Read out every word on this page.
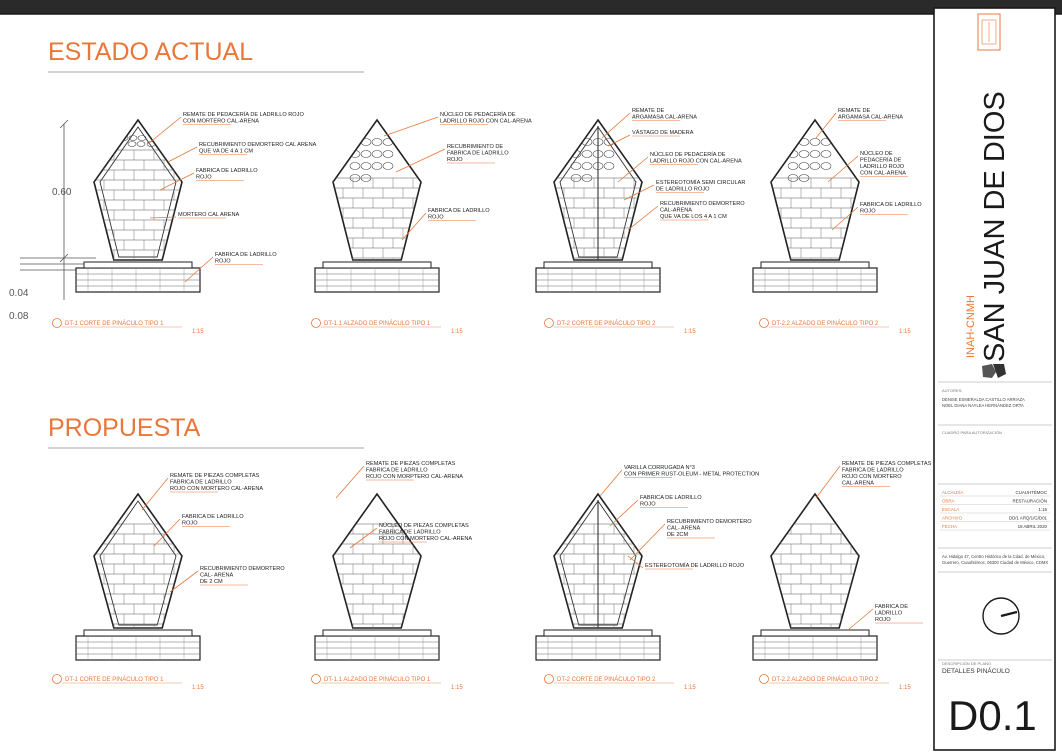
ESTADO ACTUAL
PROPUESTA
0.60
0.04
0.08
REMATE DE PEDACERÍA DE LADRILLO ROJO
CON MORTERO CAL-ARENA
RECUBRIMIENTO DEMORTERO CAL ARENA
QUE VA DE 4 A 1 CM
FABRICA DE LADRILLO
ROJO
MORTERO CAL ARENA
FABRICA DE LADRILLO
ROJO
NÚCLEO DE PEDACERÍA DE
LADRILLO ROJO CON CAL-ARENA
RECUBRIMIENTO DE
FABRICA DE LADRILLO
ROJO
FABRICA DE LADRILLO
ROJO
REMATE DE
ARGAMASA CAL-ARENA
VÁSTAGO DE MADERA
NÚCLEO DE PEDACERÍA DE
LADRILLO ROJO CON CAL-ARENA
ESTEREOTOMÍA SEMI CIRCULAR
DE LADRILLO ROJO
RECUBRIMIENTO DEMORTERO
CAL-ARENA
QUE VA DE LOS 4 A 1 CM
REMATE DE
ARGAMASA CAL-ARENA
NÚCLEO DE
PEDACERÍA DE
LADRILLO ROJO
CON CAL-ARENA
FABRICA DE LADRILLO
ROJO
REMATE DE PIEZAS COMPLETAS
FABRICA DE LADRILLO
ROJO CON MORTERO CAL-ARENA
FABRICA DE LADRILLO
ROJO
RECUBRIMIENTO DEMORTERO
CAL- ARENA
DE 2 CM
REMATE DE PIEZAS COMPLETAS
FABRICA DE LADRILLO
ROJO CON MORPTERO CAL-ARENA
NÚCLEO DE PIEZAS COMPLETAS
FABRICA DE LADRILLO
ROJO CON MORTERO CAL-ARENA
VARILLA CORRUGADA N°3
CON PRIMER RUST-OLEUM - METAL PROTECTION
FABRICA DE LADRILLO
ROJO
RECUBRIMIENTO DEMORTERO
CAL- ARENA
DE 2CM
ESTEREOTOMÍA DE LADRILLO ROJO
REMATE DE PIEZAS COMPLETAS
FABRICA DE LADRILLO
ROJO CON MORTERO
CAL-ARENA
FABRICA DE
LADRILLO
ROJO
DT-1 CORTE DE PINÁCULO TIPO 1
1:15
DT-1.1 ALZADO DE PINÁCULO TIPO 1
1:15
DT-2 CORTE DE PINÁCULO TIPO 2
1:15
DT-2.2 ALZADO DE PINÁCULO TIPO 2
1:15
DT-1 CORTE DE PINÁCULO TIPO 1
1:15
DT-1.1 ALZADO DE PINÁCULO TIPO 1
1:15
DT-2 CORTE DE PINÁCULO TIPO 2
1:15
DT-2.2 ALZADO DE PINÁCULO TIPO 2
1:15
INAH-CNMH SAN JUAN DE DIOS
AUTORES:
DENISE ESMERALDA CASTILLO ARRIAZA
NOEL DIANA NAYLEA HERNÁNDEZ ORTA
CUADRO PARA AUTORIZACIÓN
ALCALDÍA	CUAUHTÉMOC
OBRA	RESTAURACIÓN
ESCALA	1:15
ARCHIVO	DD/1 ARQ/1/G/D01
FECHA	18 ABRIL 2020
Av. Hidalgo 47, Centro Histórico de la Cdad. de México,
Guerrero, Cuauhtémoc, 06300 Ciudad de México, CDMX
DESCRIPCIÓN DE PLANO
DETALLES PINÁCULO
D0.1
